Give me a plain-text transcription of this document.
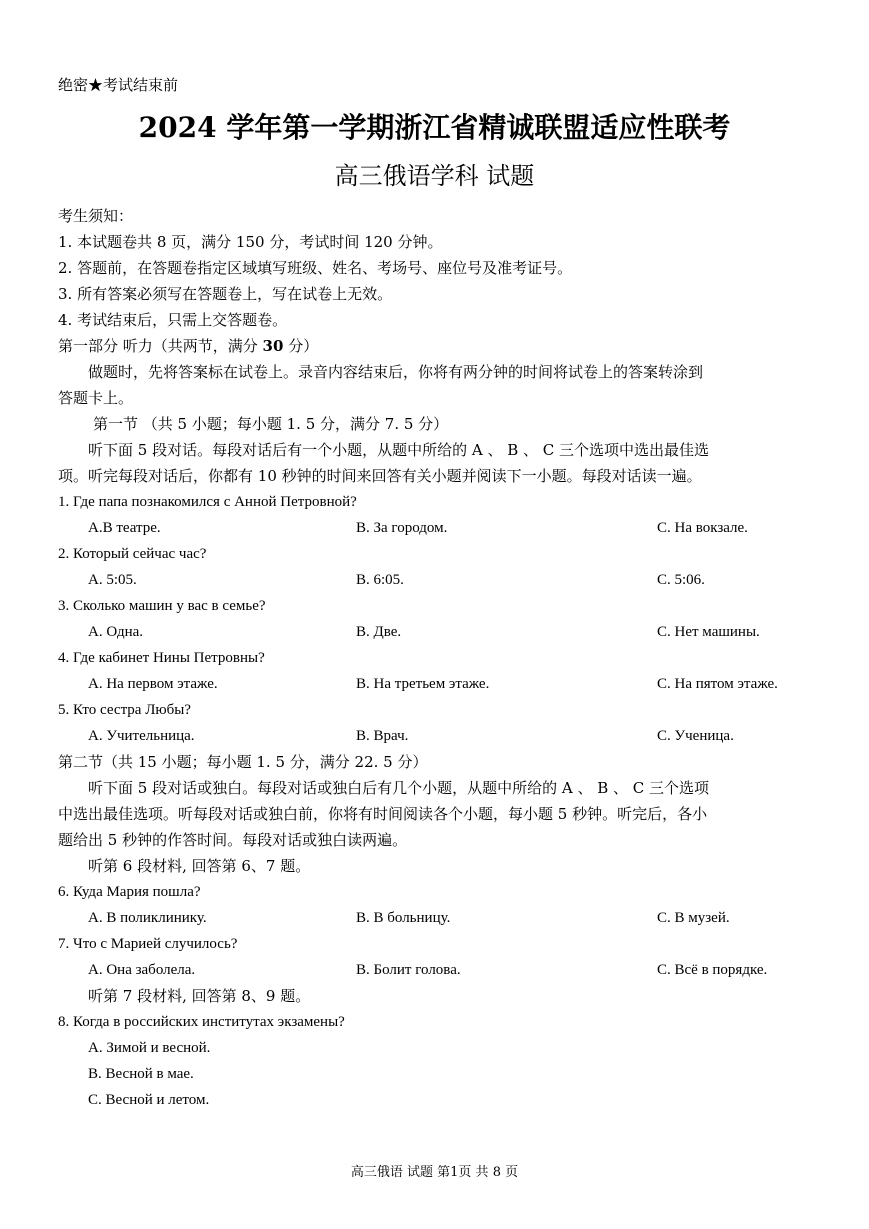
绝密★考试结束前
2024 学年第一学期浙江省精诚联盟适应性联考
高三俄语学科 试题
考生须知：
1. 本试题卷共 8 页，满分 150 分，考试时间 120 分钟。
2. 答题前，在答题卷指定区域填写班级、姓名、考场号、座位号及准考证号。
3. 所有答案必须写在答题卷上，写在试卷上无效。
4. 考试结束后，只需上交答题卷。
第一部分 听力（共两节，满分 30 分）
做题时，先将答案标在试卷上。录音内容结束后，你将有两分钟的时间将试卷上的答案转涂到
答题卡上。
第一节 （共 5 小题；每小题 1. 5 分，满分 7. 5 分）
听下面 5 段对话。每段对话后有一个小题，从题中所给的 A 、 B 、 C 三个选项中选出最佳选
项。听完每段对话后，你都有 10 秒钟的时间来回答有关小题并阅读下一小题。每段对话读一遍。
1. Где папа познакомился с Анной Петровной?
A.В театре.	B. За городом.	C. На вокзале.
2. Который сейчас час?
A. 5:05.	B. 6:05.	C. 5:06.
3. Сколько машин у вас в семье?
A. Одна.	B. Две.	C. Нет машины.
4. Где кабинет Нины Петровны?
A. На первом этаже.	B. На третьем этаже.	C. На пятом этаже.
5. Кто сестра Любы?
A. Учительница.	B. Врач.	C. Ученица.
第二节（共 15 小题；每小题 1. 5 分，满分 22. 5 分）
听下面 5 段对话或独白。每段对话或独白后有几个小题，从题中所给的 A 、 B 、 C 三个选项
中选出最佳选项。听每段对话或独白前，你将有时间阅读各个小题，每小题 5 秒钟。听完后，各小
题给出 5 秒钟的作答时间。每段对话或独白读两遍。
听第 6 段材料, 回答第 6、7 题。
6. Куда Мария пошла?
A. В поликлинику.	B. В больницу.	C. В музей.
7. Что с Марией случилось?
A. Она заболела.	B. Болит голова.	C. Всё в порядке.
听第 7 段材料, 回答第 8、9 题。
8. Когда в российских институтах экзамены?
A. Зимой и весной.
B. Весной в мае.
C. Весной и летом.
高三俄语 试题 第1页 共 8 页
